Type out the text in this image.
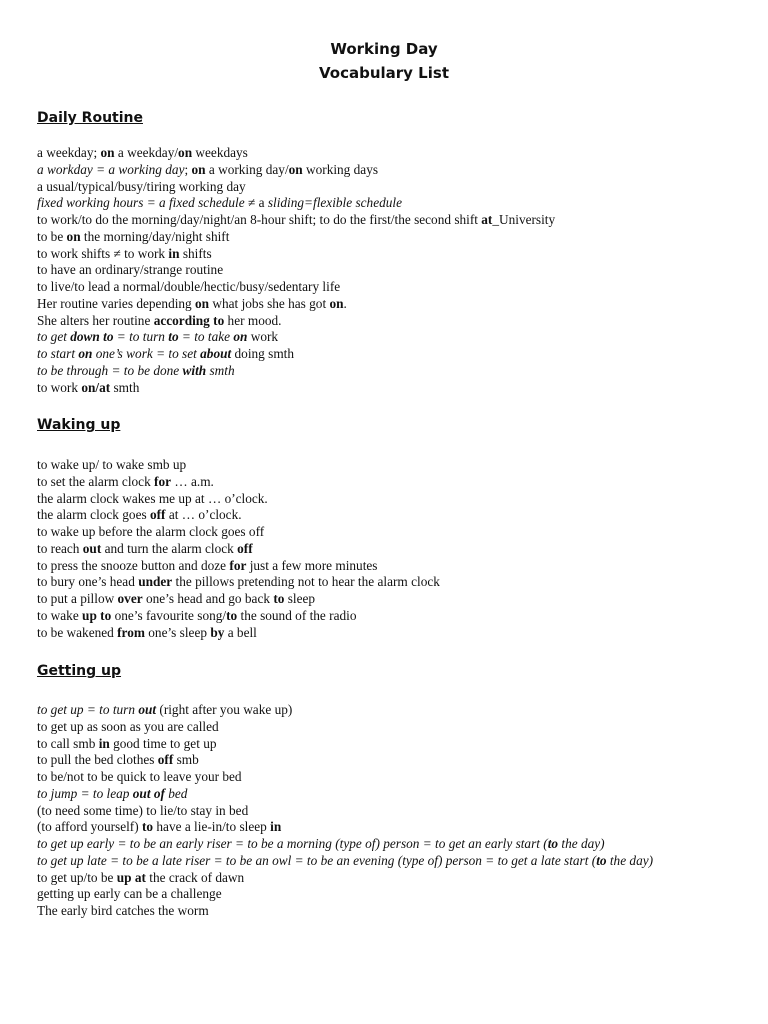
Working Day
Vocabulary List
Daily Routine
a weekday; on a weekday/on weekdays
a workday = a working day; on a working day/on working days
a usual/typical/busy/tiring working day
fixed working hours = a fixed schedule ≠ a sliding=flexible schedule
to work/to do the morning/day/night/an 8-hour shift; to do the first/the second shift at_University
to be on the morning/day/night shift
to work shifts ≠ to work in shifts
to have an ordinary/strange routine
to live/to lead a normal/double/hectic/busy/sedentary life
Her routine varies depending on what jobs she has got on.
She alters her routine according to her mood.
to get down to = to turn to = to take on work
to start on one’s work = to set about doing smth
to be through = to be done with smth
to work on/at smth
Waking up
to wake up/ to wake smb up
to set the alarm clock for … a.m.
the alarm clock wakes me up at … o’clock.
the alarm clock goes off at … o’clock.
to wake up before the alarm clock goes off
to reach out and turn the alarm clock off
to press the snooze button and doze for just a few more minutes
to bury one’s head under the pillows pretending not to hear the alarm clock
to put a pillow over one’s head and go back to sleep
to wake up to one’s favourite song/to the sound of the radio
to be wakened from one’s sleep by a bell
Getting up
to get up = to turn out (right after you wake up)
to get up as soon as you are called
to call smb in good time to get up
to pull the bed clothes off smb
to be/not to be quick to leave your bed
to jump = to leap out of bed
(to need some time) to lie/to stay in bed
(to afford yourself) to have a lie-in/to sleep in
to get up early = to be an early riser = to be a morning (type of) person = to get an early start (to the day)
to get up late = to be a late riser = to be an owl = to be an evening (type of) person = to get a late start (to the day)
to get up/to be up at the crack of dawn
getting up early can be a challenge
The early bird catches the worm
